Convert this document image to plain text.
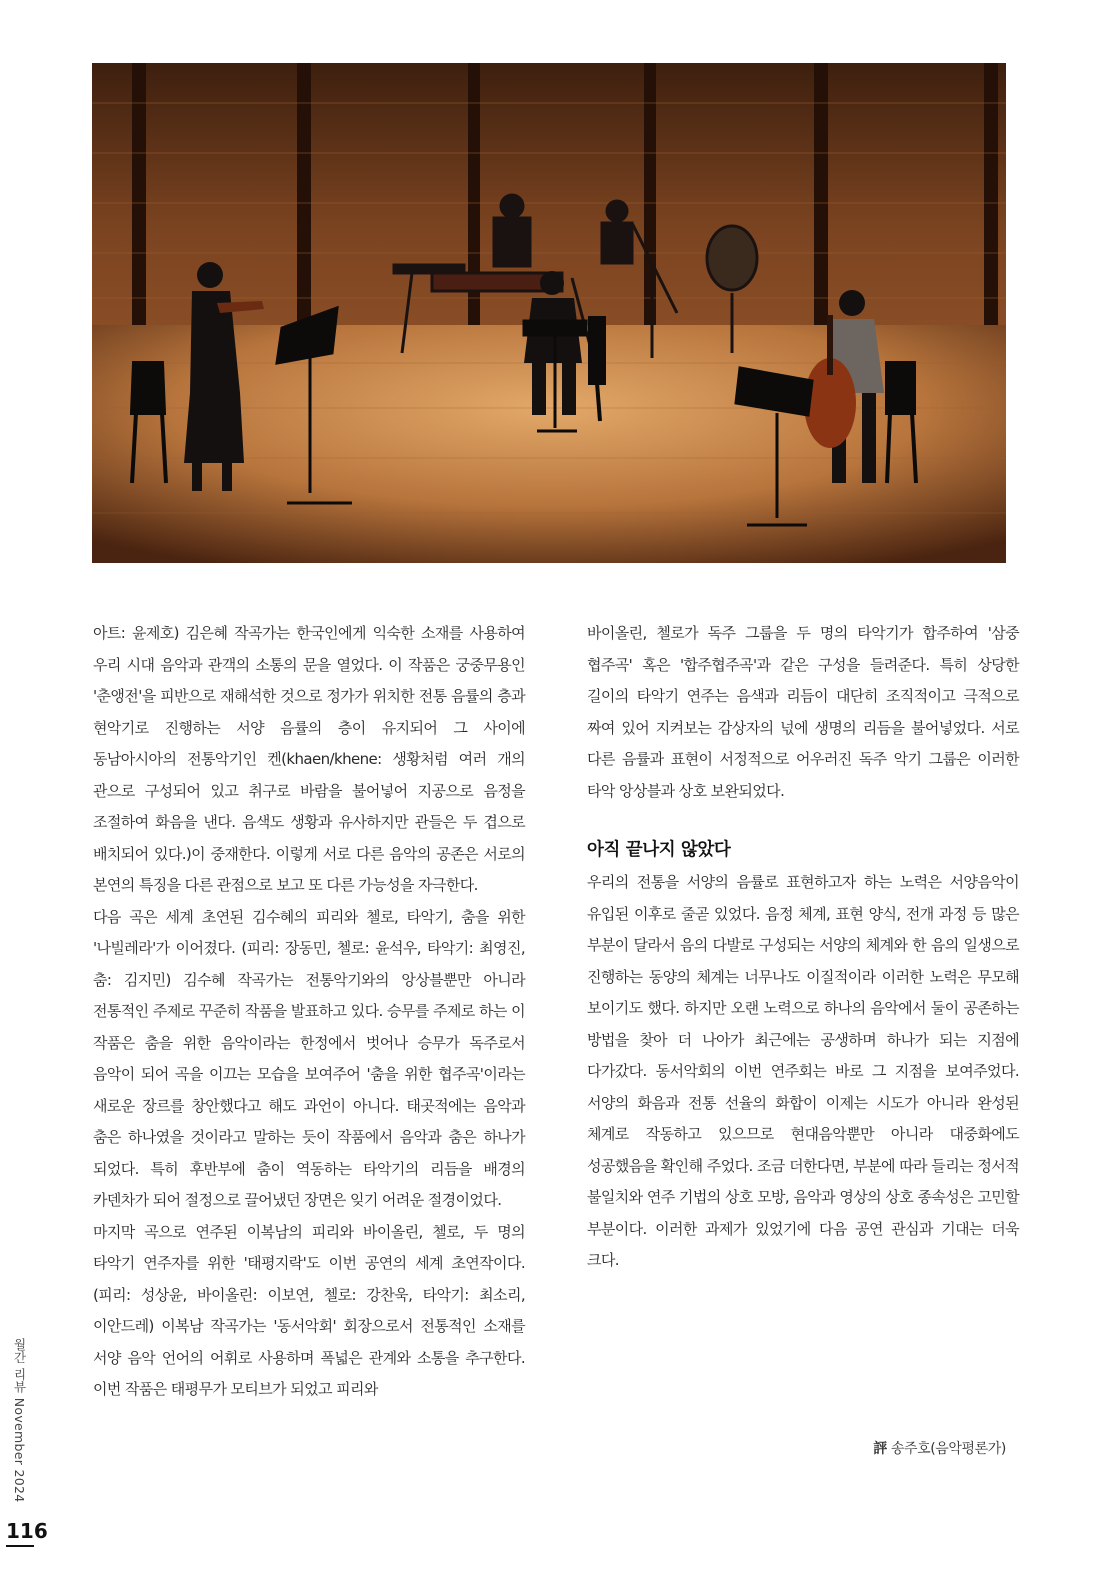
아트: 윤제호) 김은혜 작곡가는 한국인에게 익숙한 소재를 사용하여 우리 시대 음악과 관객의 소통의 문을 열었다. 이 작품은 궁중무용인 '춘앵전'을 피반으로 재해석한 것으로 정가가 위치한 전통 음률의 층과 현악기로 진행하는 서양 음률의 층이 유지되어 그 사이에 동남아시아의 전통악기인 켄(khaen/khene: 생황처럼 여러 개의 관으로 구성되어 있고 취구로 바람을 불어넣어 지공으로 음정을 조절하여 화음을 낸다. 음색도 생황과 유사하지만 관들은 두 겹으로 배치되어 있다.)이 중재한다. 이렇게 서로 다른 음악의 공존은 서로의 본연의 특징을 다른 관점으로 보고 또 다른 가능성을 자극한다.

다음 곡은 세계 초연된 김수혜의 피리와 첼로, 타악기, 춤을 위한 '나빌레라'가 이어졌다. (피리: 장동민, 첼로: 윤석우, 타악기: 최영진, 춤: 김지민) 김수혜 작곡가는 전통악기와의 앙상블뿐만 아니라 전통적인 주제로 꾸준히 작품을 발표하고 있다. 승무를 주제로 하는 이 작품은 춤을 위한 음악이라는 한정에서 벗어나 승무가 독주로서 음악이 되어 곡을 이끄는 모습을 보여주어 '춤을 위한 협주곡'이라는 새로운 장르를 창안했다고 해도 과언이 아니다. 태곳적에는 음악과 춤은 하나였을 것이라고 말하는 듯이 작품에서 음악과 춤은 하나가 되었다. 특히 후반부에 춤이 역동하는 타악기의 리듬을 배경의 카덴차가 되어 절정으로 끌어냈던 장면은 잊기 어려운 절경이었다.

마지막 곡으로 연주된 이복남의 피리와 바이올린, 첼로, 두 명의 타악기 연주자를 위한 '태평지락'도 이번 공연의 세계 초연작이다.(피리: 성상윤, 바이올린: 이보연, 첼로: 강찬욱, 타악기: 최소리, 이안드레) 이복남 작곡가는 '동서악회' 회장으로서 전통적인 소재를 서양 음악 언어의 어휘로 사용하며 폭넓은 관계와 소통을 추구한다. 이번 작품은 태평무가 모티브가 되었고 피리와

바이올린, 첼로가 독주 그룹을 두 명의 타악기가 합주하여 '삼중 협주곡' 혹은 '합주협주곡'과 같은 구성을 들려준다. 특히 상당한 길이의 타악기 연주는 음색과 리듬이 대단히 조직적이고 극적으로 짜여 있어 지켜보는 감상자의 넋에 생명의 리듬을 불어넣었다. 서로 다른 음률과 표현이 서정적으로 어우러진 독주 악기 그룹은 이러한 타악 앙상블과 상호 보완되었다.

아직 끝나지 않았다

우리의 전통을 서양의 음률로 표현하고자 하는 노력은 서양음악이 유입된 이후로 줄곧 있었다. 음정 체계, 표현 양식, 전개 과정 등 많은 부분이 달라서 음의 다발로 구성되는 서양의 체계와 한 음의 일생으로 진행하는 동양의 체계는 너무나도 이질적이라 이러한 노력은 무모해 보이기도 했다. 하지만 오랜 노력으로 하나의 음악에서 둘이 공존하는 방법을 찾아 더 나아가 최근에는 공생하며 하나가 되는 지점에 다가갔다. 동서악회의 이번 연주회는 바로 그 지점을 보여주었다. 서양의 화음과 전통 선율의 화합이 이제는 시도가 아니라 완성된 체계로 작동하고 있으므로 현대음악뿐만 아니라 대중화에도 성공했음을 확인해 주었다. 조금 더한다면, 부분에 따라 들리는 정서적 불일치와 연주 기법의 상호 모방, 음악과 영상의 상호 종속성은 고민할 부분이다. 이러한 과제가 있었기에 다음 공연 관심과 기대는 더욱 크다.

評 송주호(음악평론가)
월간 리뷰 November 2024
116
